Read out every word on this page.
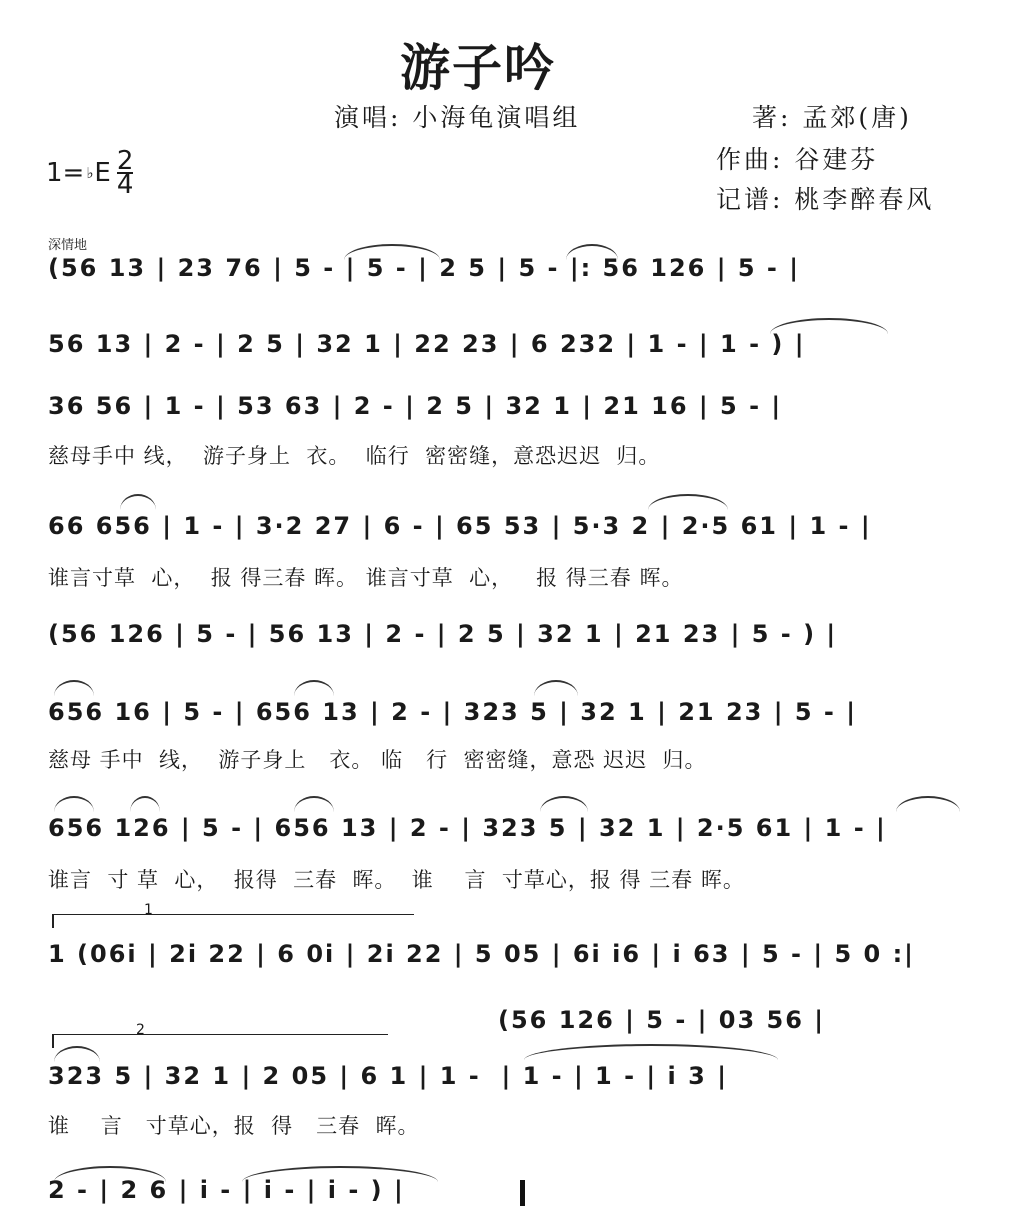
游子吟
演唱: 小海龟演唱组	著: 孟郊(唐)
作曲: 谷建芬
记谱: 桃李醉春风
1= ♭ E 2
4
深情地
(56 13 | 23 76 | 5 - | 5 - | 2 5 | 5 - |: 56 126 | 5 - |
56 13 | 2 - | 2 5 | 32 1 | 22 23 | 6 232 | 1 - | 1 - ) |
36 56 | 1 - | 53 63 | 2 - | 2 5 | 32 1 | 21 16 | 5 - |
慈母手中 线，  游子身上  衣。  临行  密密缝，意恐迟迟  归。
66 656 | 1 - | 3·2 27 | 6 - | 65 53 | 5·3 2 | 2·5 61 | 1 - |
谁言寸草  心，  报 得三春 晖。 谁言寸草  心，   报 得三春 晖。
(56 126 | 5 - | 56 13 | 2 - | 2 5 | 32 1 | 21 23 | 5 - ) |
656 16 | 5 - | 656 13 | 2 - | 323 5 | 32 1 | 21 23 | 5 - |
慈母 手中  线，  游子身上   衣。 临   行  密密缝，意恐 迟迟  归。
656 126 | 5 - | 656 13 | 2 - | 323 5 | 32 1 | 2·5 61 | 1 - |
谁言  寸 草  心，  报得  三春  晖。  谁    言  寸草心，报 得 三春 晖。
1
1 (06i | 2i 22 | 6 0i | 2i 22 | 5 05 | 6i i6 | i 63 | 5 - | 5 0 :|
(56 126 | 5 - | 03 56 |
2
323 5 | 32 1 | 2 05 | 6 1 | 1 -  | 1 - | 1 - | i 3 |
谁    言   寸草心，报  得   三春  晖。
2 - | 2 6 | i - | i - | i - ) |
